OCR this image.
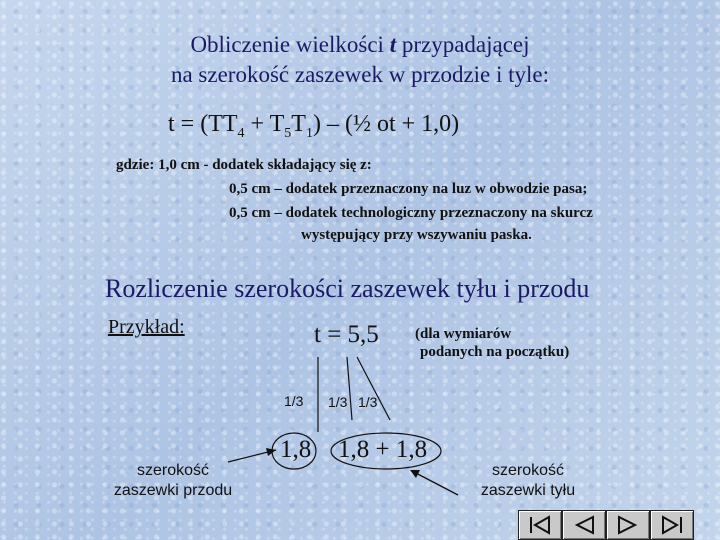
Obliczenie wielkości t przypadającej
na szerokość zaszewek w przodzie i tyle:
$t = (TT_4 + T_5T_1)$ – (½ ot + 1,0)
gdzie: 1,0 cm - dodatek składający się z:
0,5 cm – dodatek przeznaczony na luz w obwodzie pasa;
0,5 cm – dodatek technologiczny przeznaczony na skurcz
występujący przy wszywaniu paska.
Rozliczenie szerokości zaszewek tyłu i przodu
Przykład:	t = 5,5 (dla wymiarów
podanych na początku)
1/3 1/3 1/3
1,8 1,8 + 1,8
szerokość
zaszewki przodu
szerokość
zaszewki tyłu
